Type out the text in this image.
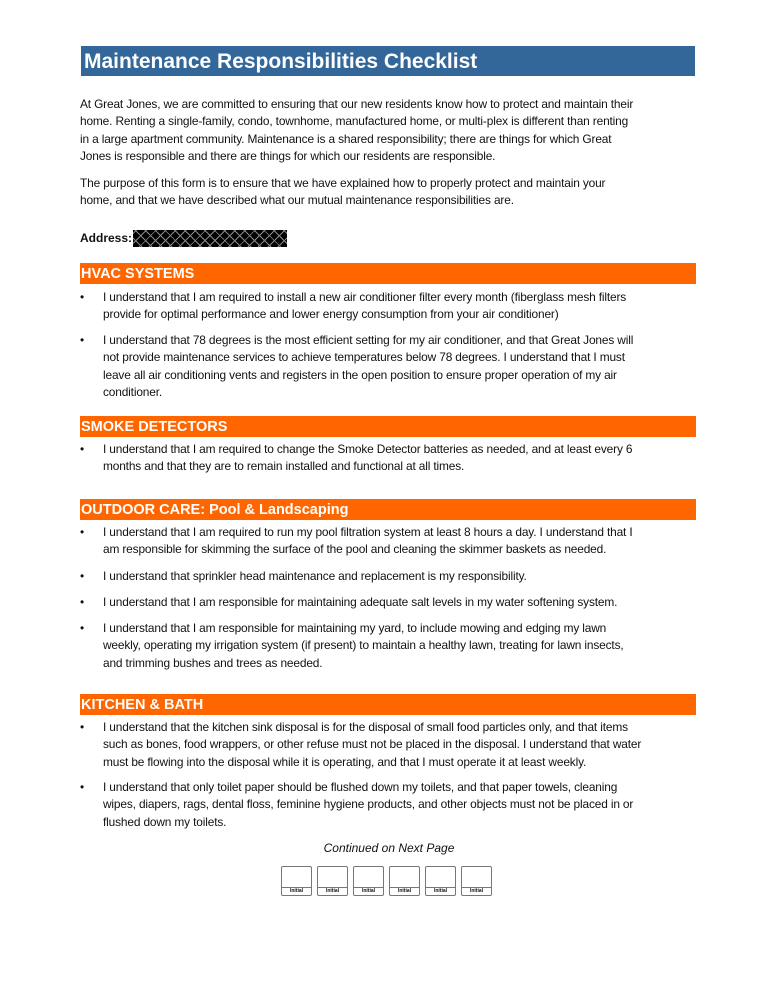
Maintenance Responsibilities Checklist
At Great Jones, we are committed to ensuring that our new residents know how to protect and maintain their
home. Renting a single-family, condo, townhome, manufactured home, or multi-plex is different than renting
in a large apartment community. Maintenance is a shared responsibility; there are things for which Great
Jones is responsible and there are things for which our residents are responsible.
The purpose of this form is to ensure that we have explained how to properly protect and maintain your
home, and that we have described what our mutual maintenance responsibilities are.
Address:
HVAC SYSTEMS
• I understand that I am required to install a new air conditioner filter every month (fiberglass mesh filters
provide for optimal performance and lower energy consumption from your air conditioner)
• I understand that 78 degrees is the most efficient setting for my air conditioner, and that Great Jones will
not provide maintenance services to achieve temperatures below 78 degrees. I understand that I must
leave all air conditioning vents and registers in the open position to ensure proper operation of my air
conditioner.
SMOKE DETECTORS
• I understand that I am required to change the Smoke Detector batteries as needed, and at least every 6
months and that they are to remain installed and functional at all times.
OUTDOOR CARE: Pool & Landscaping
• I understand that I am required to run my pool filtration system at least 8 hours a day. I understand that I
am responsible for skimming the surface of the pool and cleaning the skimmer baskets as needed.
• I understand that sprinkler head maintenance and replacement is my responsibility.
• I understand that I am responsible for maintaining adequate salt levels in my water softening system.
• I understand that I am responsible for maintaining my yard, to include mowing and edging my lawn
weekly, operating my irrigation system (if present) to maintain a healthy lawn, treating for lawn insects,
and trimming bushes and trees as needed.
KITCHEN & BATH
• I understand that the kitchen sink disposal is for the disposal of small food particles only, and that items
such as bones, food wrappers, or other refuse must not be placed in the disposal. I understand that water
must be flowing into the disposal while it is operating, and that I must operate it at least weekly.
• I understand that only toilet paper should be flushed down my toilets, and that paper towels, cleaning
wipes, diapers, rags, dental floss, feminine hygiene products, and other objects must not be placed in or
flushed down my toilets.
Continued on Next Page
Initial	Initial	Initial	Initial	Initial	Initial
